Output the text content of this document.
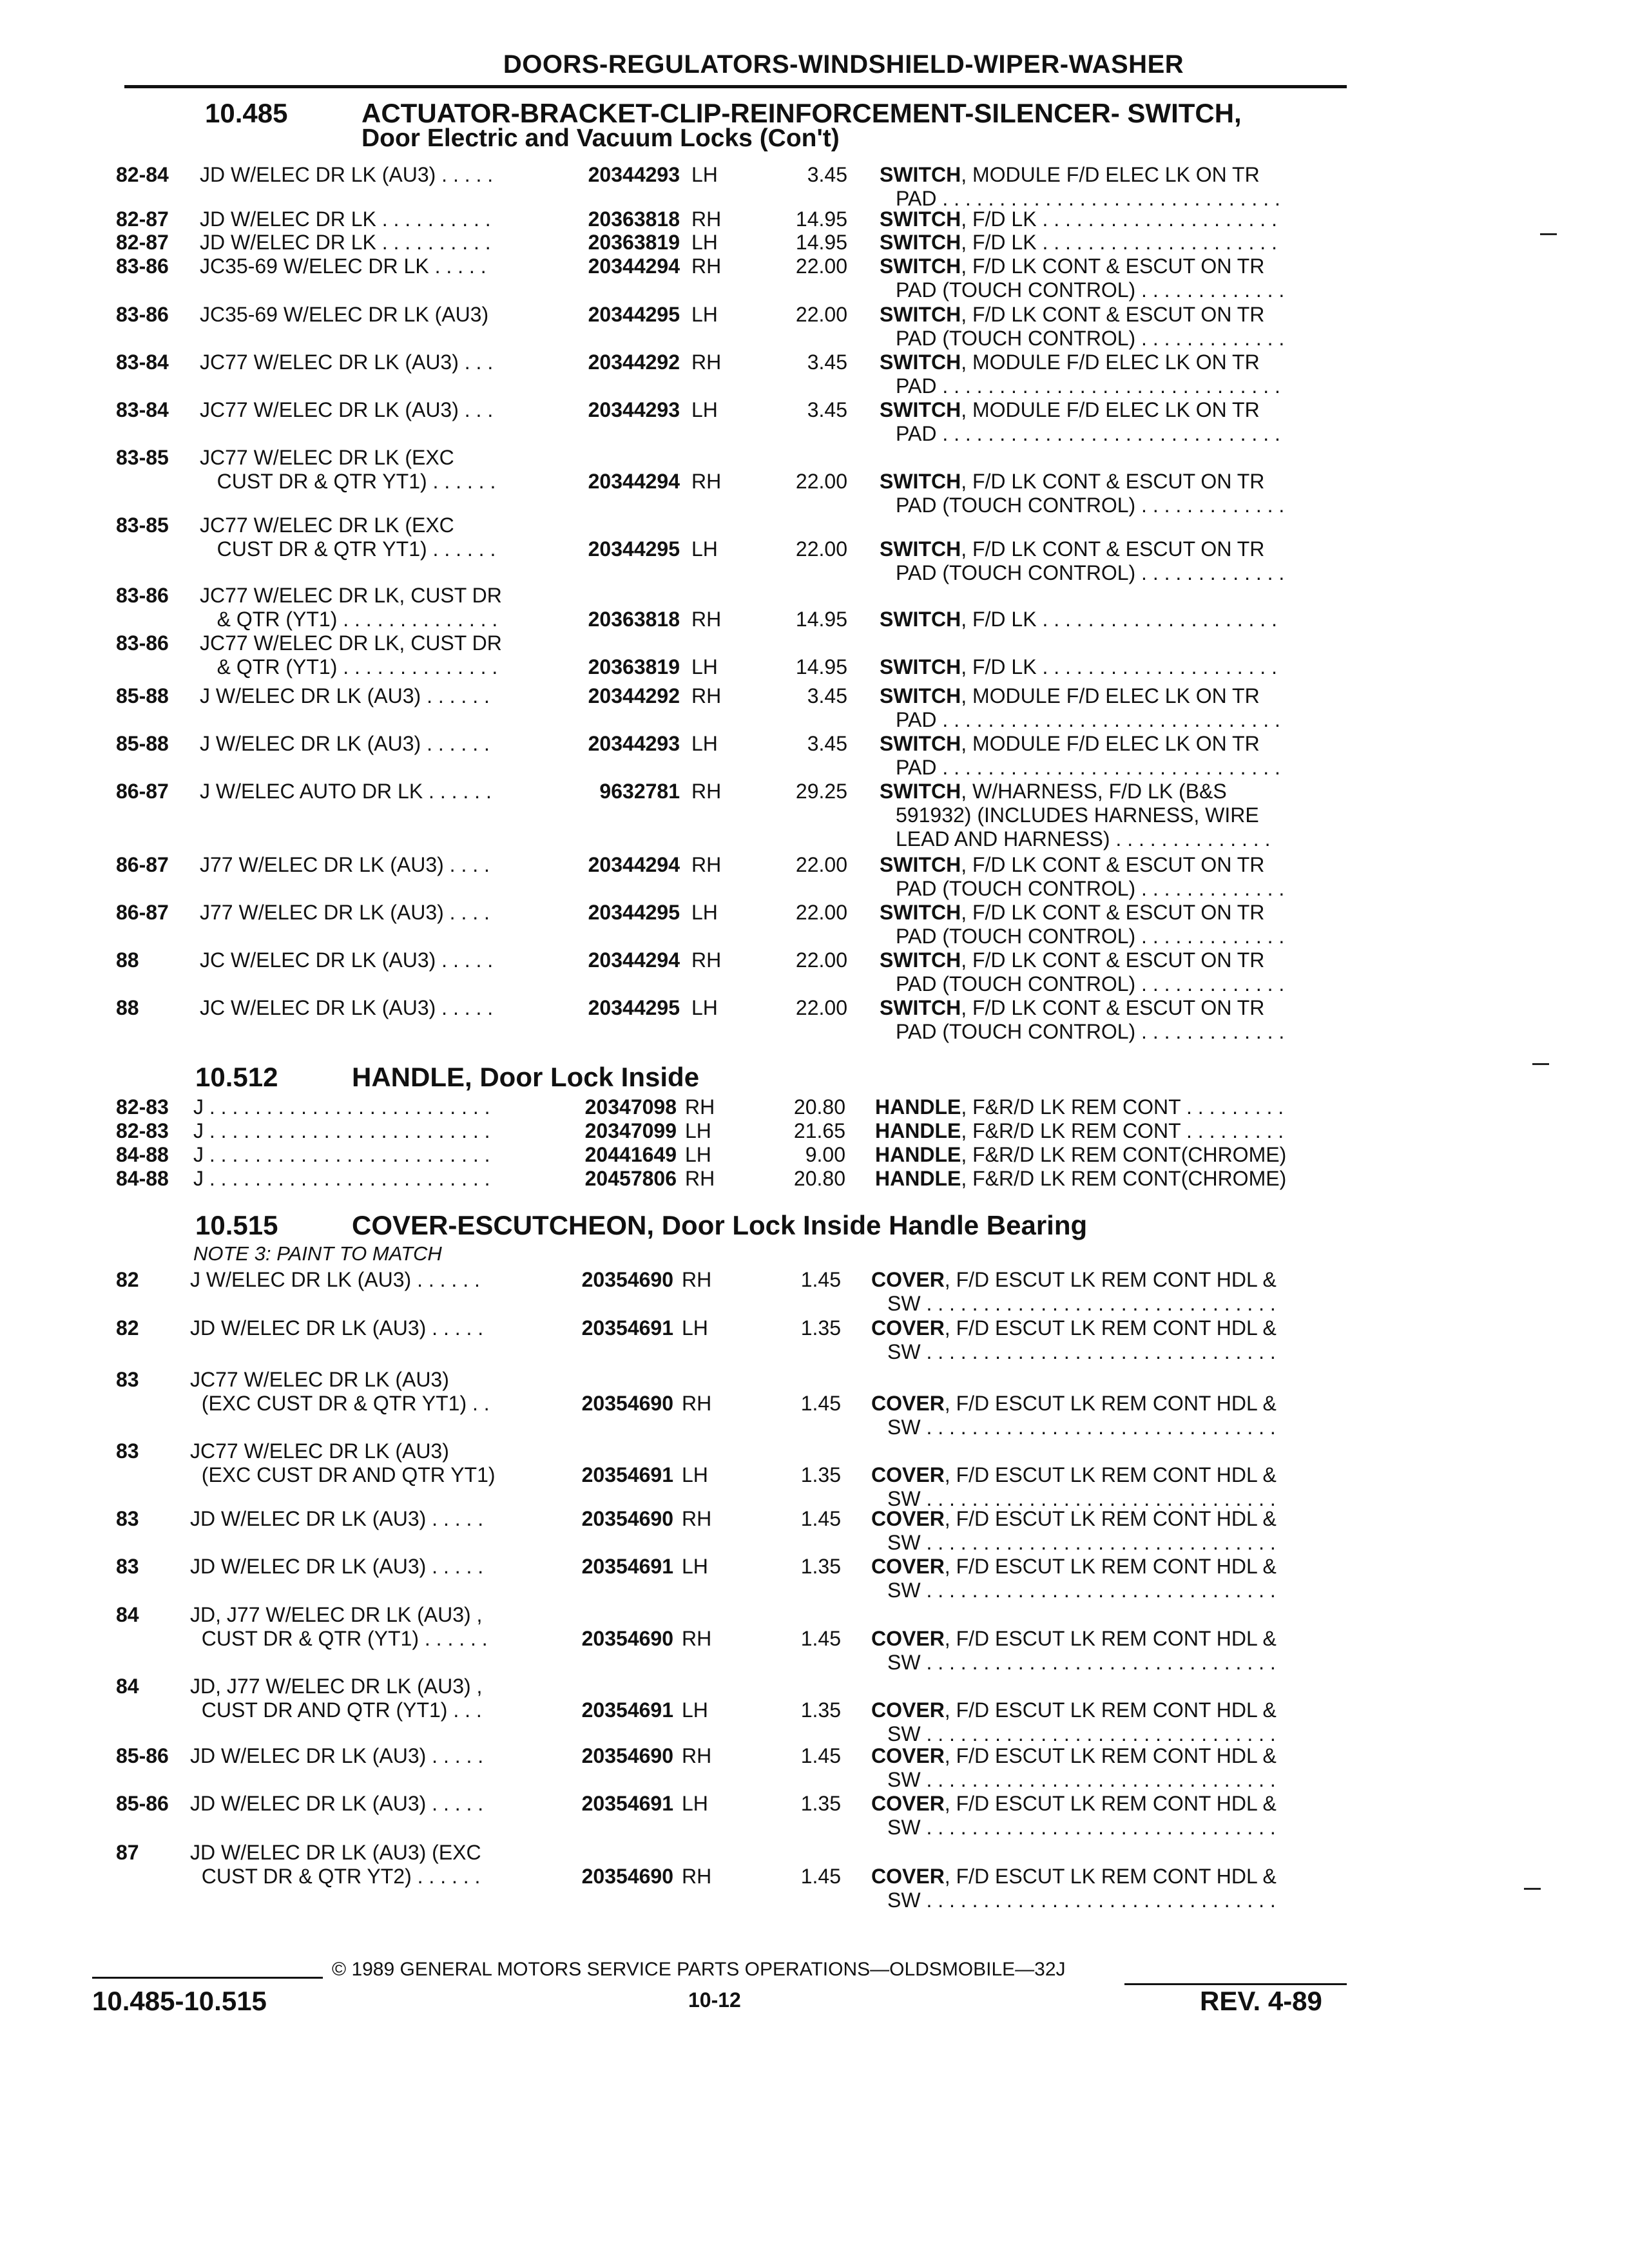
DOORS-REGULATORS-WINDSHIELD-WIPER-WASHER
10.485	ACTUATOR-BRACKET-CLIP-REINFORCEMENT-SILENCER- SWITCH,
Door Electric and Vacuum Locks (Con't)
82-84 JD W/ELEC DR LK (AU3) . . . . .	20344293 LH	3.45 SWITCH, MODULE F/D ELEC LK ON TR
PAD . . . . . . . . . . . . . . . . . . . . . . . . . . . . . .
82-87 JD W/ELEC DR LK . . . . . . . . . .	20363818 RH	14.95 SWITCH, F/D LK . . . . . . . . . . . . . . . . . . . . .
82-87 JD W/ELEC DR LK . . . . . . . . . .	20363819 LH	14.95 SWITCH, F/D LK . . . . . . . . . . . . . . . . . . . . .
83-86 JC35-69 W/ELEC DR LK . . . . .	20344294 RH	22.00 SWITCH, F/D LK CONT & ESCUT ON TR
PAD (TOUCH CONTROL) . . . . . . . . . . . . .
83-86 JC35-69 W/ELEC DR LK (AU3)	20344295 LH	22.00 SWITCH, F/D LK CONT & ESCUT ON TR
PAD (TOUCH CONTROL) . . . . . . . . . . . . .
83-84 JC77 W/ELEC DR LK (AU3) . . .	20344292 RH	3.45 SWITCH, MODULE F/D ELEC LK ON TR
PAD . . . . . . . . . . . . . . . . . . . . . . . . . . . . . .
83-84 JC77 W/ELEC DR LK (AU3) . . .	20344293 LH	3.45 SWITCH, MODULE F/D ELEC LK ON TR
PAD . . . . . . . . . . . . . . . . . . . . . . . . . . . . . .
83-85 JC77 W/ELEC DR LK (EXC
CUST DR & QTR YT1) . . . . . .	20344294 RH	22.00 SWITCH, F/D LK CONT & ESCUT ON TR
PAD (TOUCH CONTROL) . . . . . . . . . . . . .
83-85 JC77 W/ELEC DR LK (EXC
CUST DR & QTR YT1) . . . . . .	20344295 LH	22.00 SWITCH, F/D LK CONT & ESCUT ON TR
PAD (TOUCH CONTROL) . . . . . . . . . . . . .
83-86 JC77 W/ELEC DR LK, CUST DR
& QTR (YT1) . . . . . . . . . . . . . .	20363818 RH	14.95 SWITCH, F/D LK . . . . . . . . . . . . . . . . . . . . .
83-86 JC77 W/ELEC DR LK, CUST DR
& QTR (YT1) . . . . . . . . . . . . . .	20363819 LH	14.95 SWITCH, F/D LK . . . . . . . . . . . . . . . . . . . . .
85-88 J W/ELEC DR LK (AU3) . . . . . .	20344292 RH	3.45 SWITCH, MODULE F/D ELEC LK ON TR
PAD . . . . . . . . . . . . . . . . . . . . . . . . . . . . . .
85-88 J W/ELEC DR LK (AU3) . . . . . .	20344293 LH	3.45 SWITCH, MODULE F/D ELEC LK ON TR
PAD . . . . . . . . . . . . . . . . . . . . . . . . . . . . . .
86-87 J W/ELEC AUTO DR LK . . . . . .	9632781 RH	29.25 SWITCH, W/HARNESS, F/D LK (B&S
591932) (INCLUDES HARNESS, WIRE
LEAD AND HARNESS) . . . . . . . . . . . . . .
86-87 J77 W/ELEC DR LK (AU3) . . . .	20344294 RH	22.00 SWITCH, F/D LK CONT & ESCUT ON TR
PAD (TOUCH CONTROL) . . . . . . . . . . . . .
86-87 J77 W/ELEC DR LK (AU3) . . . .	20344295 LH	22.00 SWITCH, F/D LK CONT & ESCUT ON TR
PAD (TOUCH CONTROL) . . . . . . . . . . . . .
88	JC W/ELEC DR LK (AU3) . . . . .	20344294 RH	22.00 SWITCH, F/D LK CONT & ESCUT ON TR
PAD (TOUCH CONTROL) . . . . . . . . . . . . .
88	JC W/ELEC DR LK (AU3) . . . . .	20344295 LH	22.00 SWITCH, F/D LK CONT & ESCUT ON TR
PAD (TOUCH CONTROL) . . . . . . . . . . . . .
10.512	HANDLE, Door Lock Inside
82-83 J . . . . . . . . . . . . . . . . . . . . . . . . .	20347098 RH	20.80 HANDLE, F&R/D LK REM CONT . . . . . . . . .
82-83 J . . . . . . . . . . . . . . . . . . . . . . . . .	20347099 LH	21.65 HANDLE, F&R/D LK REM CONT . . . . . . . . .
84-88 J . . . . . . . . . . . . . . . . . . . . . . . . .	20441649 LH	9.00 HANDLE, F&R/D LK REM CONT(CHROME)
84-88 J . . . . . . . . . . . . . . . . . . . . . . . . .	20457806 RH	20.80 HANDLE, F&R/D LK REM CONT(CHROME)
10.515	COVER-ESCUTCHEON, Door Lock Inside Handle Bearing
NOTE 3: PAINT TO MATCH
82 J W/ELEC DR LK (AU3) . . . . . .	20354690 RH	1.45 COVER, F/D ESCUT LK REM CONT HDL &
SW . . . . . . . . . . . . . . . . . . . . . . . . . . . . . . .
82 JD W/ELEC DR LK (AU3) . . . . .	20354691 LH	1.35 COVER, F/D ESCUT LK REM CONT HDL &
SW . . . . . . . . . . . . . . . . . . . . . . . . . . . . . . .
83 JC77 W/ELEC DR LK (AU3)
(EXC CUST DR & QTR YT1) . .	20354690 RH	1.45 COVER, F/D ESCUT LK REM CONT HDL &
SW . . . . . . . . . . . . . . . . . . . . . . . . . . . . . . .
83 JC77 W/ELEC DR LK (AU3)
(EXC CUST DR AND QTR YT1)	20354691 LH	1.35 COVER, F/D ESCUT LK REM CONT HDL &
SW . . . . . . . . . . . . . . . . . . . . . . . . . . . . . . .
83 JD W/ELEC DR LK (AU3) . . . . .	20354690 RH	1.45 COVER, F/D ESCUT LK REM CONT HDL &
SW . . . . . . . . . . . . . . . . . . . . . . . . . . . . . . .
83 JD W/ELEC DR LK (AU3) . . . . .	20354691 LH	1.35 COVER, F/D ESCUT LK REM CONT HDL &
SW . . . . . . . . . . . . . . . . . . . . . . . . . . . . . . .
84 JD, J77 W/ELEC DR LK (AU3) ,
CUST DR & QTR (YT1) . . . . . .	20354690 RH	1.45 COVER, F/D ESCUT LK REM CONT HDL &
SW . . . . . . . . . . . . . . . . . . . . . . . . . . . . . . .
84 JD, J77 W/ELEC DR LK (AU3) ,
CUST DR AND QTR (YT1) . . .	20354691 LH	1.35 COVER, F/D ESCUT LK REM CONT HDL &
SW . . . . . . . . . . . . . . . . . . . . . . . . . . . . . . .
85-86 JD W/ELEC DR LK (AU3) . . . . .	20354690 RH	1.45 COVER, F/D ESCUT LK REM CONT HDL &
SW . . . . . . . . . . . . . . . . . . . . . . . . . . . . . . .
85-86 JD W/ELEC DR LK (AU3) . . . . .	20354691 LH	1.35 COVER, F/D ESCUT LK REM CONT HDL &
SW . . . . . . . . . . . . . . . . . . . . . . . . . . . . . . .
87 JD W/ELEC DR LK (AU3) (EXC
CUST DR & QTR YT2) . . . . . .	20354690 RH	1.45 COVER, F/D ESCUT LK REM CONT HDL &
SW . . . . . . . . . . . . . . . . . . . . . . . . . . . . . . .
© 1989 GENERAL MOTORS SERVICE PARTS OPERATIONS—OLDSMOBILE—32J
10.485-10.515	10-12	REV. 4-89
